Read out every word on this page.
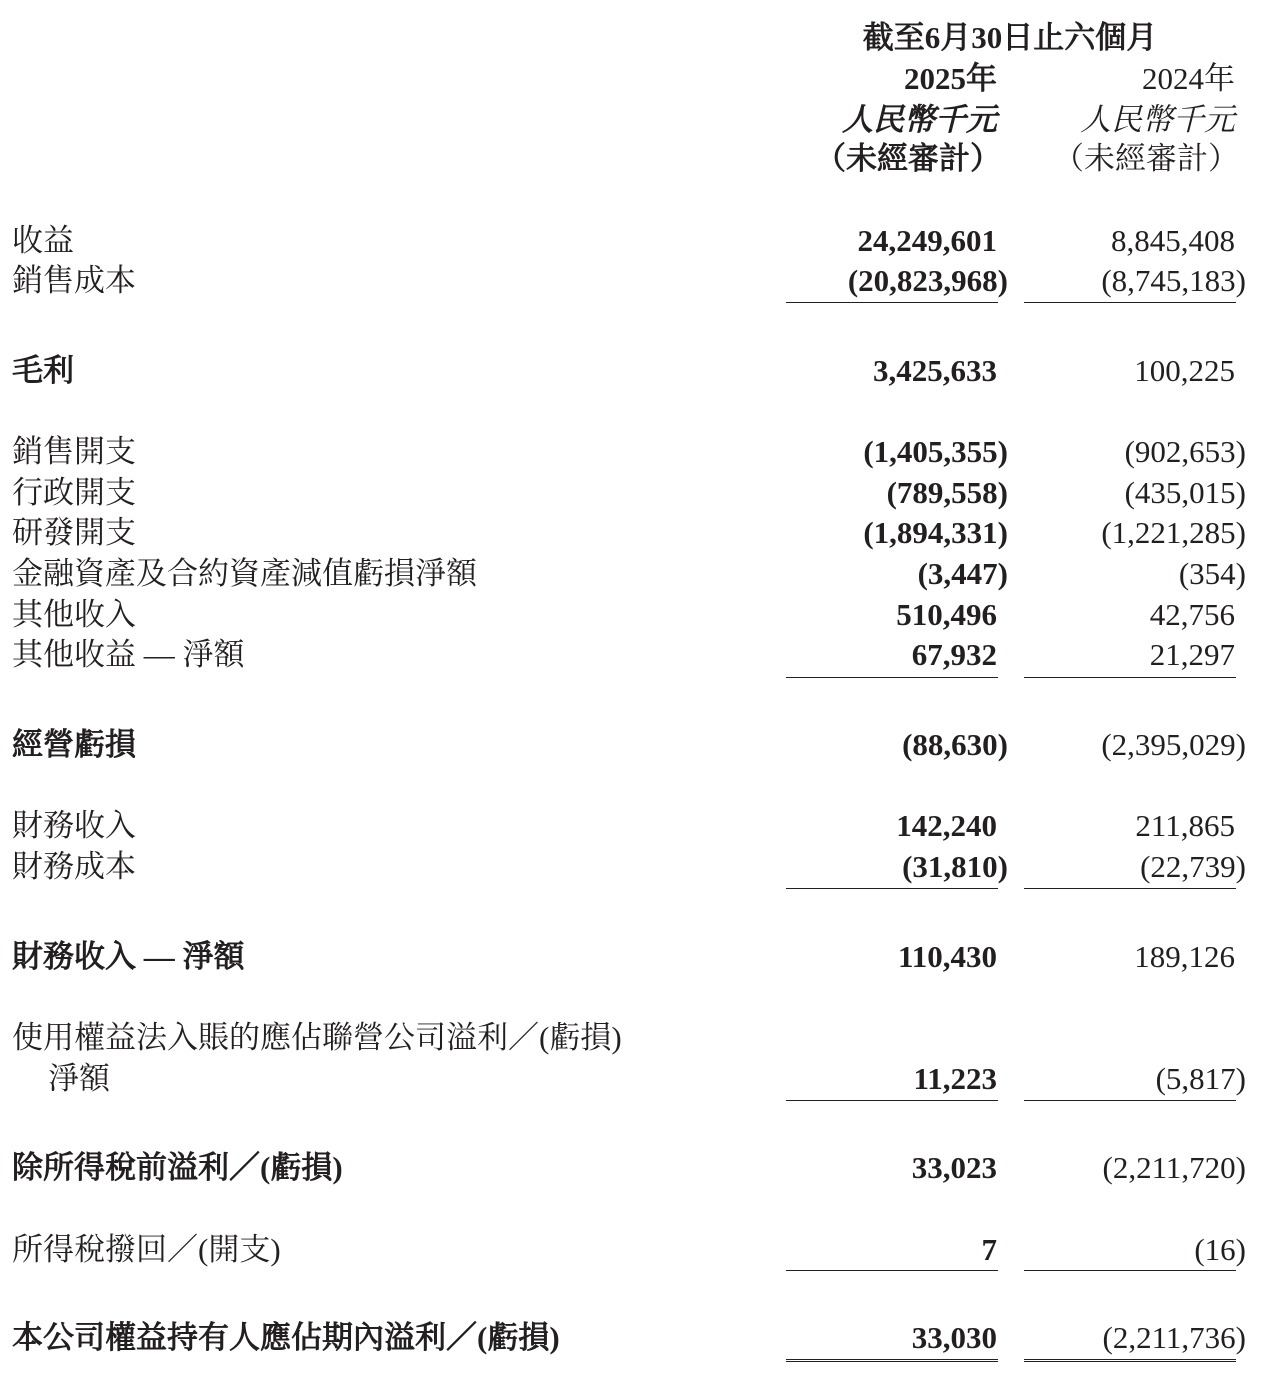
截至6月30日止六個月
2025年	2024年
人民幣千元	人民幣千元
（未經審計） （未經審計）
收益	24,249,601	8,845,408
銷售成本	(20,823,968)	(8,745,183)
毛利	3,425,633	100,225
銷售開支	(1,405,355)	(902,653)
行政開支	(789,558)	(435,015)
研發開支	(1,894,331)	(1,221,285)
金融資產及合約資產減值虧損淨額	(3,447)	(354)
其他收入	510,496	42,756
其他收益 — 淨額	67,932	21,297
經營虧損	(88,630)	(2,395,029)
財務收入	142,240	211,865
財務成本	(31,810)	(22,739)
財務收入 — 淨額	110,430	189,126
使用權益法入賬的應佔聯營公司溢利／(虧損)
淨額	11,223	(5,817)
除所得稅前溢利／(虧損)	33,023	(2,211,720)
所得稅撥回／(開支)	7	(16)
本公司權益持有人應佔期內溢利／(虧損)	33,030	(2,211,736)
